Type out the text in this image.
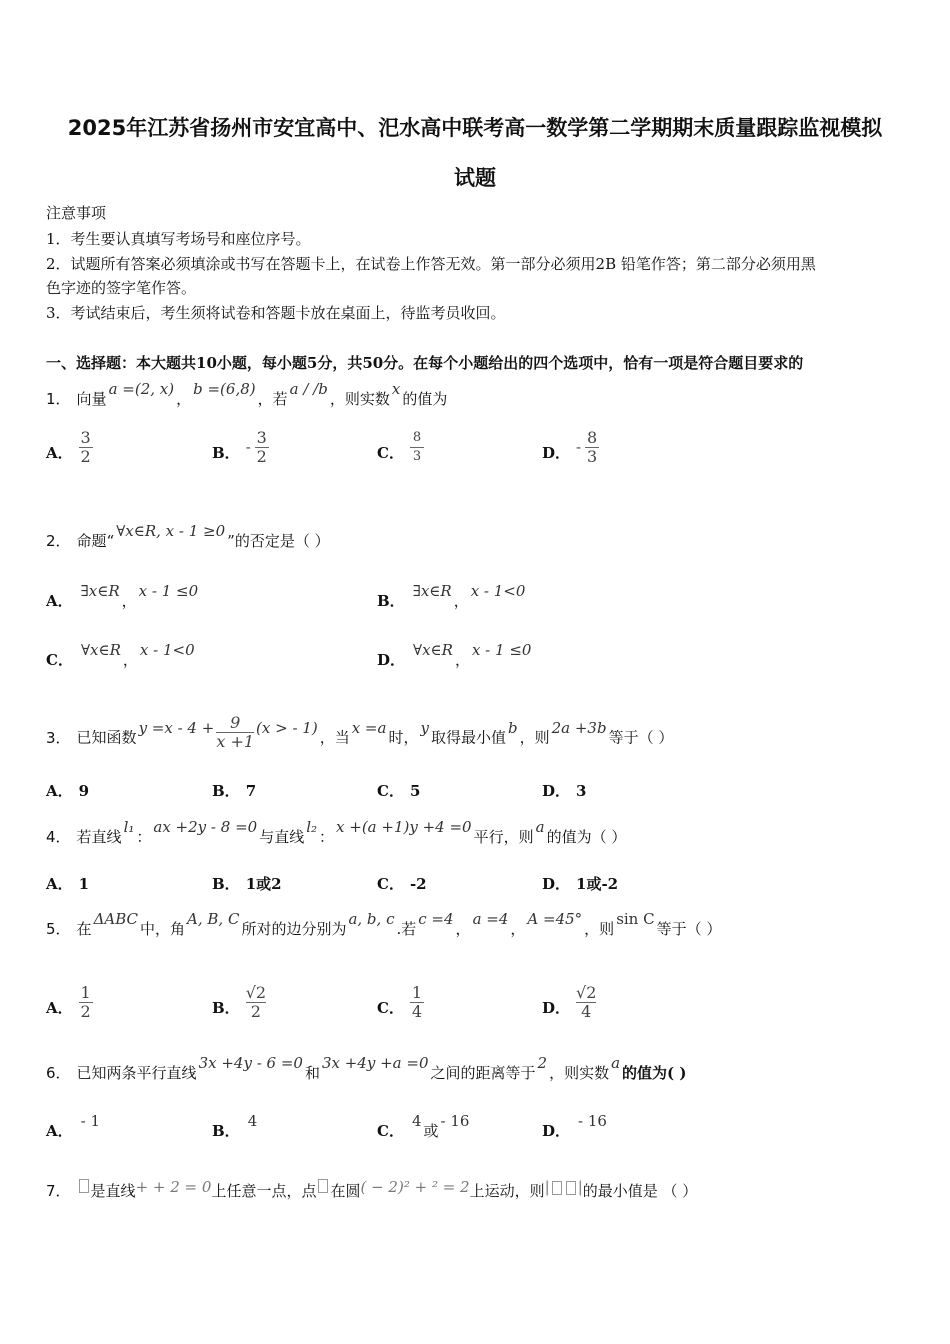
2025年江苏省扬州市安宜高中、汜水高中联考高一数学第二学期期末质量跟踪监视模拟
试题
注意事项
1．考生要认真填写考场号和座位序号。
2．试题所有答案必须填涂或书写在答题卡上，在试卷上作答无效。第一部分必须用2B 铅笔作答；第二部分必须用黑
色字迹的签字笔作答。
3．考试结束后，考生须将试卷和答题卡放在桌面上，待监考员收回。
一、选择题：本大题共10小题，每小题5分，共50分。在每个小题给出的四个选项中，恰有一项是符合题目要求的
1． 向量a =(2, x)，b =(6,8)，若a / /b，则实数x的值为
A． $\frac{3}{2}$	B． - $\frac{3}{2}$	C． $\frac{8}{3}$	D． - $\frac{8}{3}$
2． 命题“∀x∈R, x - 1 ≥0”的否定是（ ）
A．∃x∈R，x - 1 ≤0
B．∃x∈R，x - 1<0
C．∀x∈R，x - 1<0
D．∀x∈R，x - 1 ≤0
3． 已知函数$y =x - 4 + \frac{9}{x +1} (x$ > - 1)，当x =a时，y取得最小值b，则2a +3b等于（ ）
A． 9	B． 7	C． 5	D． 3
4． 若直线l₁：ax +2y - 8 =0与直线l₂：x +(a +1)y +4 =0平行，则a的值为（ ）
A． 1	B． 1或2	C． -2	D． 1或-2
5． 在ΔABC中，角A, B, C所对的边分别为a, b, c.若c =4，a =4，A =45°，则sin C等于（ ）
A． $\frac{1}{2}$	B． $\frac{√2}{2}$	C． $\frac{1}{4}$	D． $\frac{√2}{4}$
6． 已知两条平行直线3x +4y - 6 =0和3x +4y +a =0之间的距离等于2，则实数a的值为( )
A．- 1
B．4
C．4或- 16
D．- 16
7． 是直线+ + 2 = 0上任意一点，点 在圆( − 2)² + ² = 2上运动，则| |的最小值是 （ ）
